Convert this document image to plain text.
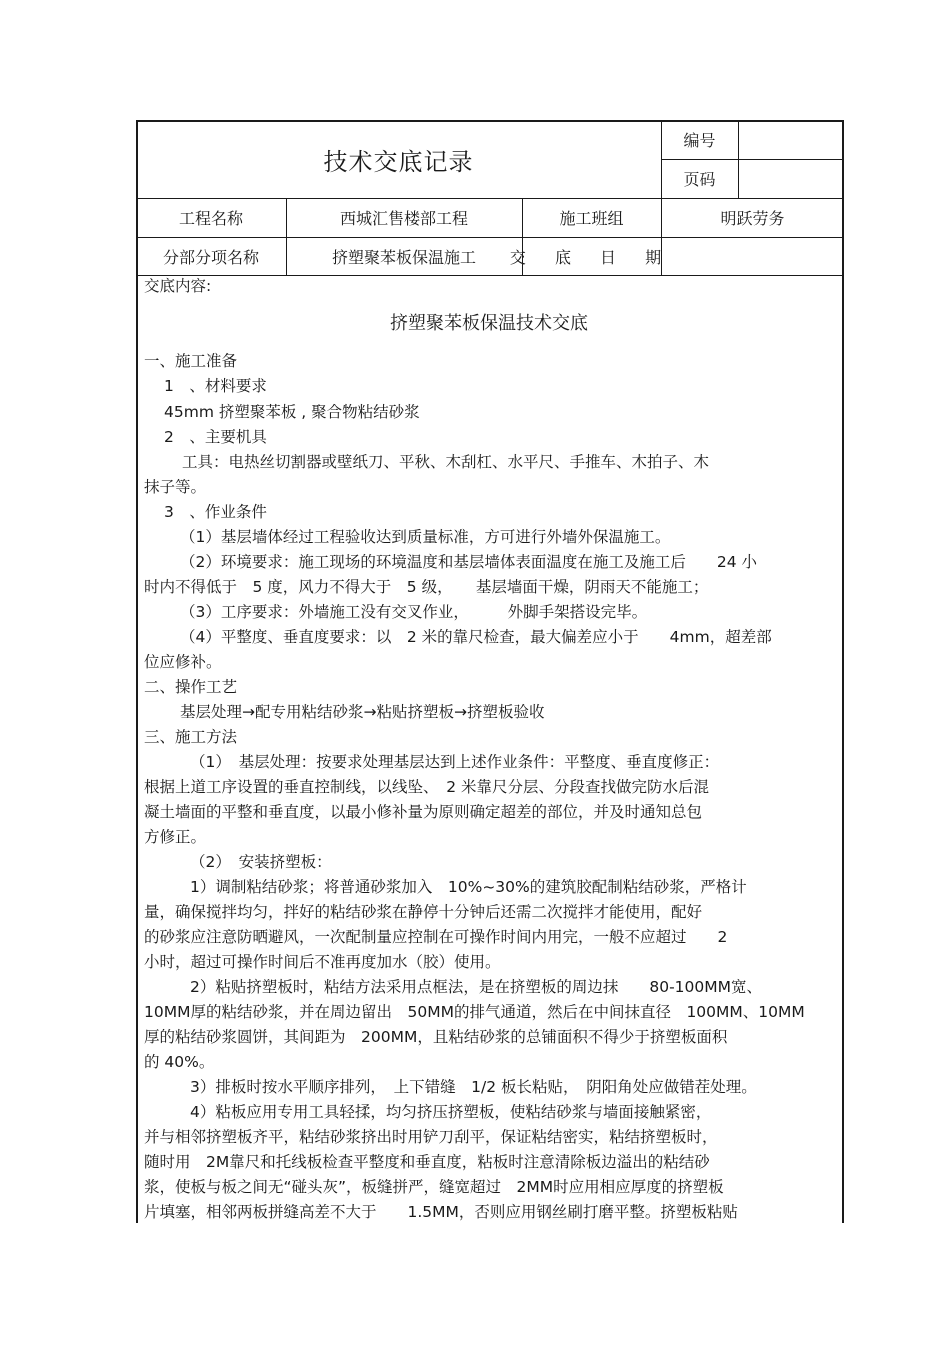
技术交底记录
编号
页码
工程名称	西城汇售楼部工程	施工班组	明跃劳务
分部分项名称	挤塑聚苯板保温施工	交 底 日 期
交底内容:
挤塑聚苯板保温技术交底
一、施工准备
1　、材料要求
45mm 挤塑聚苯板 , 聚合物粘结砂浆
2　、主要机具
工具：电热丝切割器或壁纸刀、平秋、木刮杠、水平尺、手推车、木拍子、木
抹子等。
3　、作业条件
（1）基层墙体经过工程验收达到质量标准，方可进行外墙外保温施工。
（2）环境要求：施工现场的环境温度和基层墙体表面温度在施工及施工后　　24 小
时内不得低于　5 度，风力不得大于　5 级，　　基层墙面干燥，阴雨天不能施工；
（3）工序要求：外墙施工没有交叉作业，　　　外脚手架搭设完毕。
（4）平整度、垂直度要求：以　2 米的靠尺检查，最大偏差应小于　　4mm，超差部
位应修补。
二、操作工艺
基层处理→配专用粘结砂浆→粘贴挤塑板→挤塑板验收
三、施工方法
（1）　基层处理：按要求处理基层达到上述作业条件：平整度、垂直度修正：
根据上道工序设置的垂直控制线，以线坠、　2 米靠尺分层、分段查找做完防水后混
凝土墙面的平整和垂直度，以最小修补量为原则确定超差的部位，并及时通知总包
方修正。
（2）　安装挤塑板：
1）调制粘结砂浆；将普通砂浆加入　10%~30%的建筑胶配制粘结砂浆，严格计
量，确保搅拌均匀，拌好的粘结砂浆在静停十分钟后还需二次搅拌才能使用，配好
的砂浆应注意防晒避风，一次配制量应控制在可操作时间内用完，一般不应超过　　2
小时，超过可操作时间后不准再度加水（胶）使用。
2）粘贴挤塑板时，粘结方法采用点框法，是在挤塑板的周边抹　　80-100MM宽、
10MM厚的粘结砂浆，并在周边留出　50MM的排气通道，然后在中间抹直径　100MM、10MM
厚的粘结砂浆圆饼，其间距为　200MM，且粘结砂浆的总铺面积不得少于挤塑板面积
的 40%。
3）排板时按水平顺序排列，　上下错缝　1/2 板长粘贴，　阴阳角处应做错茬处理。
4）粘板应用专用工具轻揉，均匀挤压挤塑板，使粘结砂浆与墙面接触紧密，
并与相邻挤塑板齐平，粘结砂浆挤出时用铲刀刮平，保证粘结密实，粘结挤塑板时，
随时用　2M靠尺和托线板检查平整度和垂直度，粘板时注意清除板边溢出的粘结砂
浆，使板与板之间无“碰头灰”，板缝拼严，缝宽超过　2MM时应用相应厚度的挤塑板
片填塞，相邻两板拼缝高差不大于　　1.5MM，否则应用钢丝刷打磨平整。挤塑板粘贴
